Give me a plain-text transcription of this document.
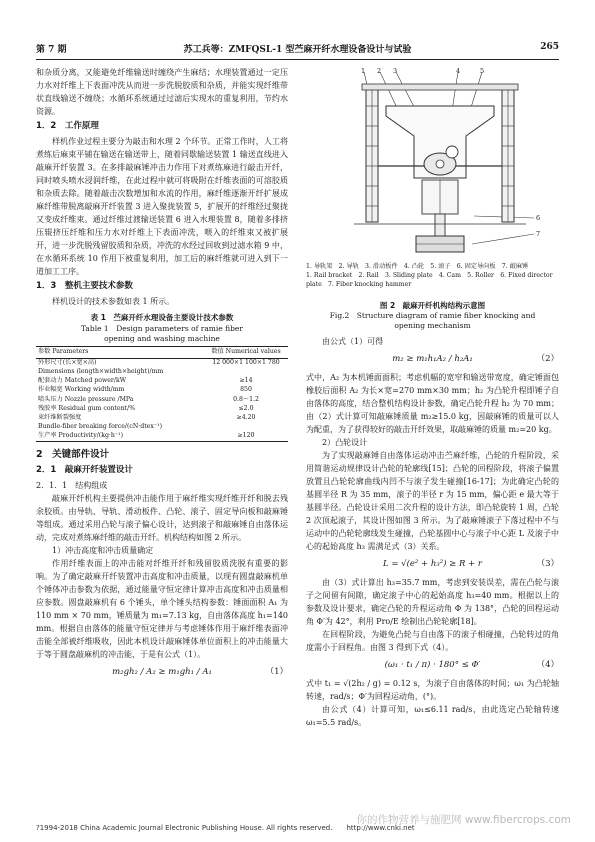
第 7 期	苏工兵等：ZMFQSL-1 型苎麻开纤水理设备设计与试验	265

和杂质分离，又能避免纤维输送时缠绕产生麻结；水理装置通过一定压力水对纤维上下表面冲洗从而进一步洗脱胶质和杂质，并能实现纤维带状直线输送不缠绕；水循环系统通过过滤后实现水的重复利用，节约水资源。

1．2　工作原理

样机作业过程主要分为敲击和水理 2 个环节。正常工作时，人工将煮练后麻束平铺在输送在输送带上，随着同歇输送装置 1 输送直线进入敲麻开纤装置 3。在多排敲麻锤冲击力作用下对煮练麻进行敲击开纤，同时喷头喷水浸润纤维，在此过程中就可将吸附在纤维表面的可溶胶质和杂质去除。随着敲击次数增加和水流的作用，麻纤维逐渐开纤扩展成麻纤维带脱离敲麻开纤装置 3 进入聚拢装置 5，扩展开的纤维经过聚拢又变成纤维束。通过纤维过渡输送装置 6 进入水理装置 8，随着多排挤压辊挤压纤维和压力水对纤维上下表面冲洗，喂入的纤维束又被扩展开，进一步洗脱残留胶质和杂质，冲洗的水经过回收到过滤水箱 9 中，在水循环系统 10 作用下被重复利用，加工后的麻纤维就可进入到下一道加工工序。

1．3　整机主要技术参数

样机设计的技术参数如表 1 所示。

表 1　苎麻开纤水理设备主要设计技术参数
Table 1　Design parameters of ramie fiber
opening and washing machine
参数 Parameters	数值 Numerical values

外形尺寸(长×宽×高)
Dimensions (length×width×height)/mm	12 000×1 100×1 780

配套动力 Matched power/kW	≥14

作业幅宽 Working width/mm	850

喷头压力 Nozzle pressure /MPa	0.8～1.2

残胶率 Residual gum content/%	≤2.0

束纤维断裂强度
Bundle-fiber breaking force/(cN·dtex⁻¹)	≥4.20

生产率 Productivity/(kg·h⁻¹)	≥120
2　关键部件设计
2．1　敲麻开纤装置设计
2．1．1　结构组成

敲麻开纤机构主要提供冲击能作用于麻纤维实现纤维开纤和脱去残余胶质。由导轨、导轨、滑动板件、凸轮、滚子、固定导向板和敲麻锤等组成。通过采用凸轮与滚子偏心设计，达到滚子和敲麻锤自由落体运动，完成对煮练麻纤维的敲击开纤。机构结构如图 2 所示。

1）冲击高度和冲击质量确定

作用纤维表面上的冲击能对纤维开纤和残留胶质洗脱有重要的影响。为了确定敲麻开纤装置冲击高度和冲击质量，以现有圆盘敲麻机单个锤体冲击参数为依据，通过能量守恒定律计算冲击高度和冲击质量相应参数。圆盘敲麻机有 6 个锤头，单个锤头结构参数：锤面面积 A₁ 为 110 mm × 70 mm，锤质量为 m₁=7.13 kg，自由落体高度 h₁=140 mm。根据自由落体的能量守恒定律并与考虑锤体作用于麻纤维表面冲击能全部被纤维吸收，因此本机设计敲麻锤体单位面积上的冲击能量大于等于圆盘敲麻机的冲击能，于是有公式（1）。

m₂gh₂ / A₂ ≥ m₁gh₁ / A₁	（1）
1 2 3	4	5
6
7
1. 导轨架　2. 导轨　3. 滑动板件　4. 凸轮　5. 滚子　6. 固定导向板　7. 敲麻锤
1. Rail bracket　2. Rail　3. Sliding plate　4. Cam　5. Roller　6. Fixed director plate　7. Fiber knocking hammer
图 2　敲麻开纤机构结构示意图
Fig.2　Structure diagram of ramie fiber knocking and
opening mechanism

由公式（1）可得

m₂ ≥ m₁h₁A₂ / h₂A₁	（2）

式中，A₂ 为本机锤面面积；考虑机幅的宽窄和输送带宽度，确定锤面包橡胶后面积 A₂ 为长×宽=270 mm×30 mm；h₂ 为凸轮升程即锤子自由落体的高度，结合整机结构设计参数，确定凸轮升程 h₂ 为 70 mm；由（2）式计算可知敲麻锤质量 m₂≥15.0 kg，因敲麻锤的质量可以人为配重，为了获得较好的敲击开纤效果，取敲麻锤的质量 m₂=20 kg。

2）凸轮设计

为了实现敲麻锤自由落体运动冲击苎麻纤维，凸轮的升程阶段，采用简谐运动规律设计凸轮的轮廓线[15]；凸轮的回程阶段，将滚子偏置放置且凸轮轮廓曲线内凹不与滚子发生碰撞[16-17]；为此确定凸轮的基圆半径 R 为 35 mm，滚子的半径 r 为 15 mm，偏心距 e 最大等于基圆半径。凸轮设计采用二次升程的设计方法，即凸轮旋转 1 周，凸轮 2 次顶起滚子，其设计图如图 3 所示。为了敲麻锤滚子下落过程中不与运动中的凸轮轮廓线发生碰撞，凸轮基圆中心与滚子中心距 L 及滚子中心的起始高度 h₃ 需满足式（3）关系。

L = √(e² + h₃²) ≥ R + r	（3）

由（3）式计算出 h₃=35.7 mm，考虑到安装误差，需在凸轮与滚子之间留有间隙，确定滚子中心的起始高度 h₃=40 mm。根据以上的参数及设计要求，确定凸轮的升程运动角 Φ 为 138°，凸轮的回程运动角 Φ′为 42°，利用 Pro/E 绘制出凸轮轮廓[18]。

在回程阶段，为避免凸轮与自由落下的滚子相碰撞，凸轮转过的角度需小于回程角。由图 3 得到下式（4）。

(ω₁ · t₁ / π) · 180° ≤ Φ′	（4）

式中 t₁ = √(2h₂ / g) = 0.12 s，为滚子自由落体的时间；ω₁ 为凸轮轴转速，rad/s；Φ′为回程运动角，(°)。

由公式（4）计算可知，ω₁≤6.11 rad/s，由此选定凸轮轴转速 ω₁=5.5 rad/s。

?1994-2018 China Academic Journal Electronic Publishing House. All rights reserved.　　http://www.cnki.net
你的作物营养与施肥网 www.fibercrops.com
